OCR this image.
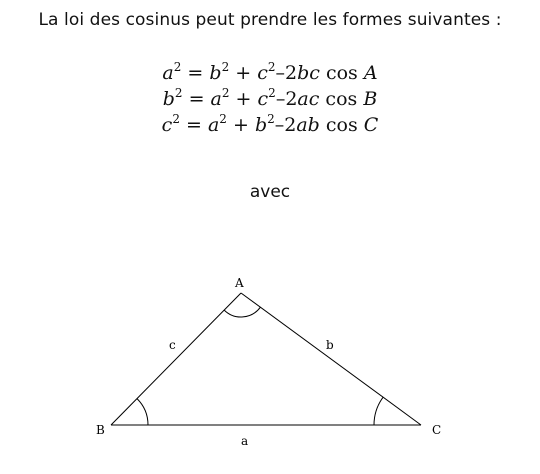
La loi des cosinus peut prendre les formes suivantes :
$a^2 = b^2 + c^2-2bc$ cos A
$b^2 = a^2 + c^2-2ac$ cos B
$c^2 = a^2 + b^2-2ab$ cos C
avec
A
B	C
a
b
c
